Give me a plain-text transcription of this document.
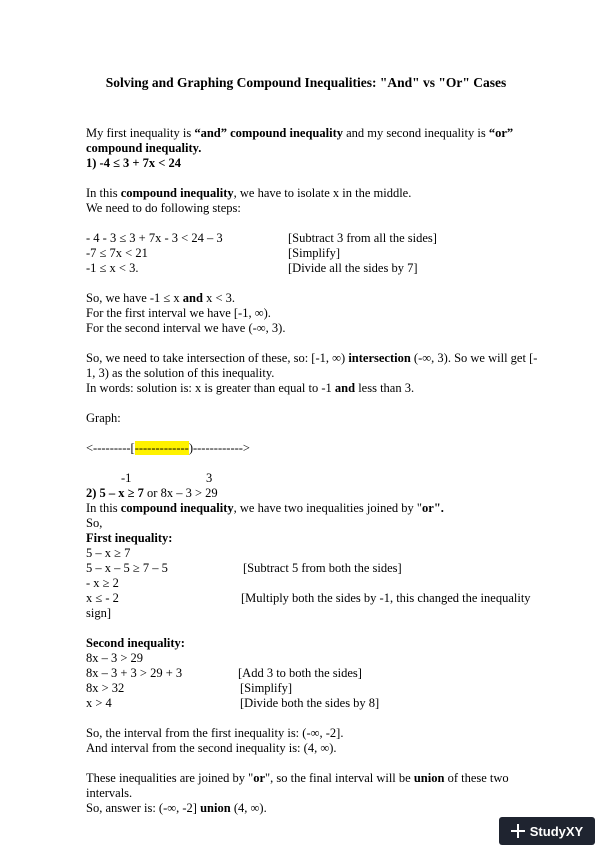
Solving and Graphing Compound Inequalities: "And" vs "Or" Cases

My first inequality is “and” compound inequality and my second inequality is “or”

compound inequality.

1) -4 ≤ 3 + 7x < 24

In this compound inequality, we have to isolate x in the middle.

We need to do following steps:

- 4 - 3 ≤ 3 + 7x - 3 < 24 – 3	[Subtract 3 from all the sides]
-7 ≤ 7x < 21	[Simplify]
-1 ≤ x < 3.	[Divide all the sides by 7]

So, we have -1 ≤ x and x < 3.

For the first interval we have [-1, ∞).

For the second interval we have (-∞, 3).

So, we need to take intersection of these, so: [-1, ∞) intersection (-∞, 3). So we will get [-

1, 3) as the solution of this inequality.

In words: solution is: x is greater than equal to -1 and less than 3.

Graph:

<---------[-------------)------------>

-1	3

2) 5 – x ≥ 7 or 8x – 3 > 29

In this compound inequality, we have two inequalities joined by "or".

So,

First inequality:

5 – x ≥ 7

5 – x – 5 ≥ 7 – 5	[Subtract 5 from both the sides]

- x ≥ 2

x ≤ - 2	[Multiply both the sides by -1, this changed the inequality

sign]

Second inequality:

8x – 3 > 29

8x – 3 + 3 > 29 + 3	[Add 3 to both the sides]

8x > 32	[Simplify]

x > 4	[Divide both the sides by 8]

So, the interval from the first inequality is: (-∞, -2].

And interval from the second inequality is: (4, ∞).

These inequalities are joined by "or", so the final interval will be union of these two

intervals.

So, answer is: (-∞, -2] union (4, ∞).

StudyXY
